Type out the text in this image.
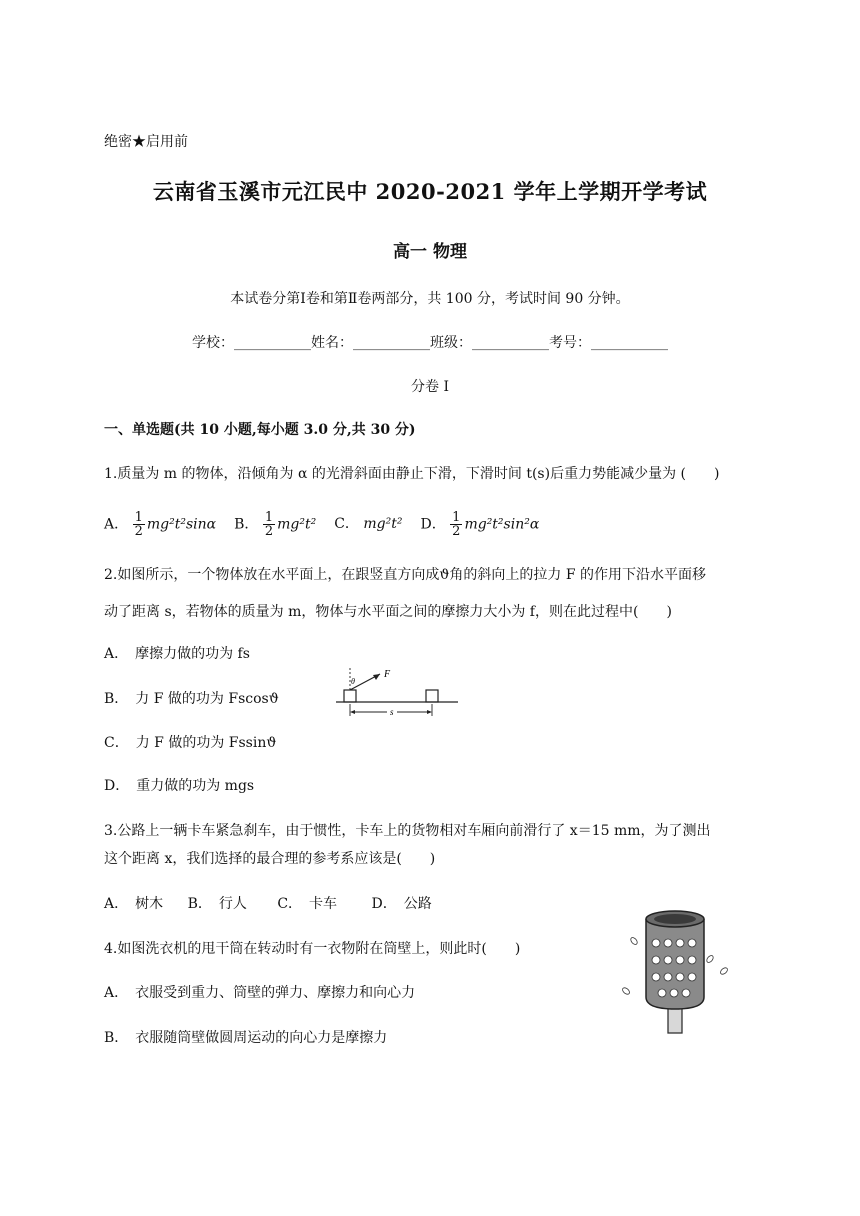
绝密★启用前
云南省玉溪市元江民中 2020-2021 学年上学期开学考试
高一 物理
本试卷分第Ⅰ卷和第Ⅱ卷两部分，共 100 分，考试时间 90 分钟。
学校：___________姓名：___________班级：___________考号：___________
分卷 I
一、单选题(共 10 小题,每小题 3.0 分,共 30 分)
1.质量为 m 的物体，沿倾角为 α 的光滑斜面由静止下滑，下滑时间 t(s)后重力势能减少量为 (　　)
A． $\frac{1}{2} mg^2t^2\sin\alpha$ B． $\frac{1}{2} mg^2t^2$ C． mg²t² D． $\frac{1}{2} mg^2t^2\sin^2\alpha$
2.如图所示，一个物体放在水平面上，在跟竖直方向成ϑ角的斜向上的拉力 F 的作用下沿水平面移
动了距离 s，若物体的质量为 m，物体与水平面之间的摩擦力大小为 f，则在此过程中(　　)
A．　摩擦力做的功为 fs
B．　力 F 做的功为 Fscosϑ
C．　力 F 做的功为 Fssinϑ
D．　重力做的功为 mgs
F
θ
s
3.公路上一辆卡车紧急刹车，由于惯性，卡车上的货物相对车厢向前滑行了 x＝15 mm，为了测出
这个距离 x，我们选择的最合理的参考系应该是(　　)
A．　树木 B．　行人 C．　卡车 D．　公路
4.如图洗衣机的甩干筒在转动时有一衣物附在筒壁上，则此时(　　)
A．　衣服受到重力、筒壁的弹力、摩擦力和向心力
B．　衣服随筒壁做圆周运动的向心力是摩擦力
